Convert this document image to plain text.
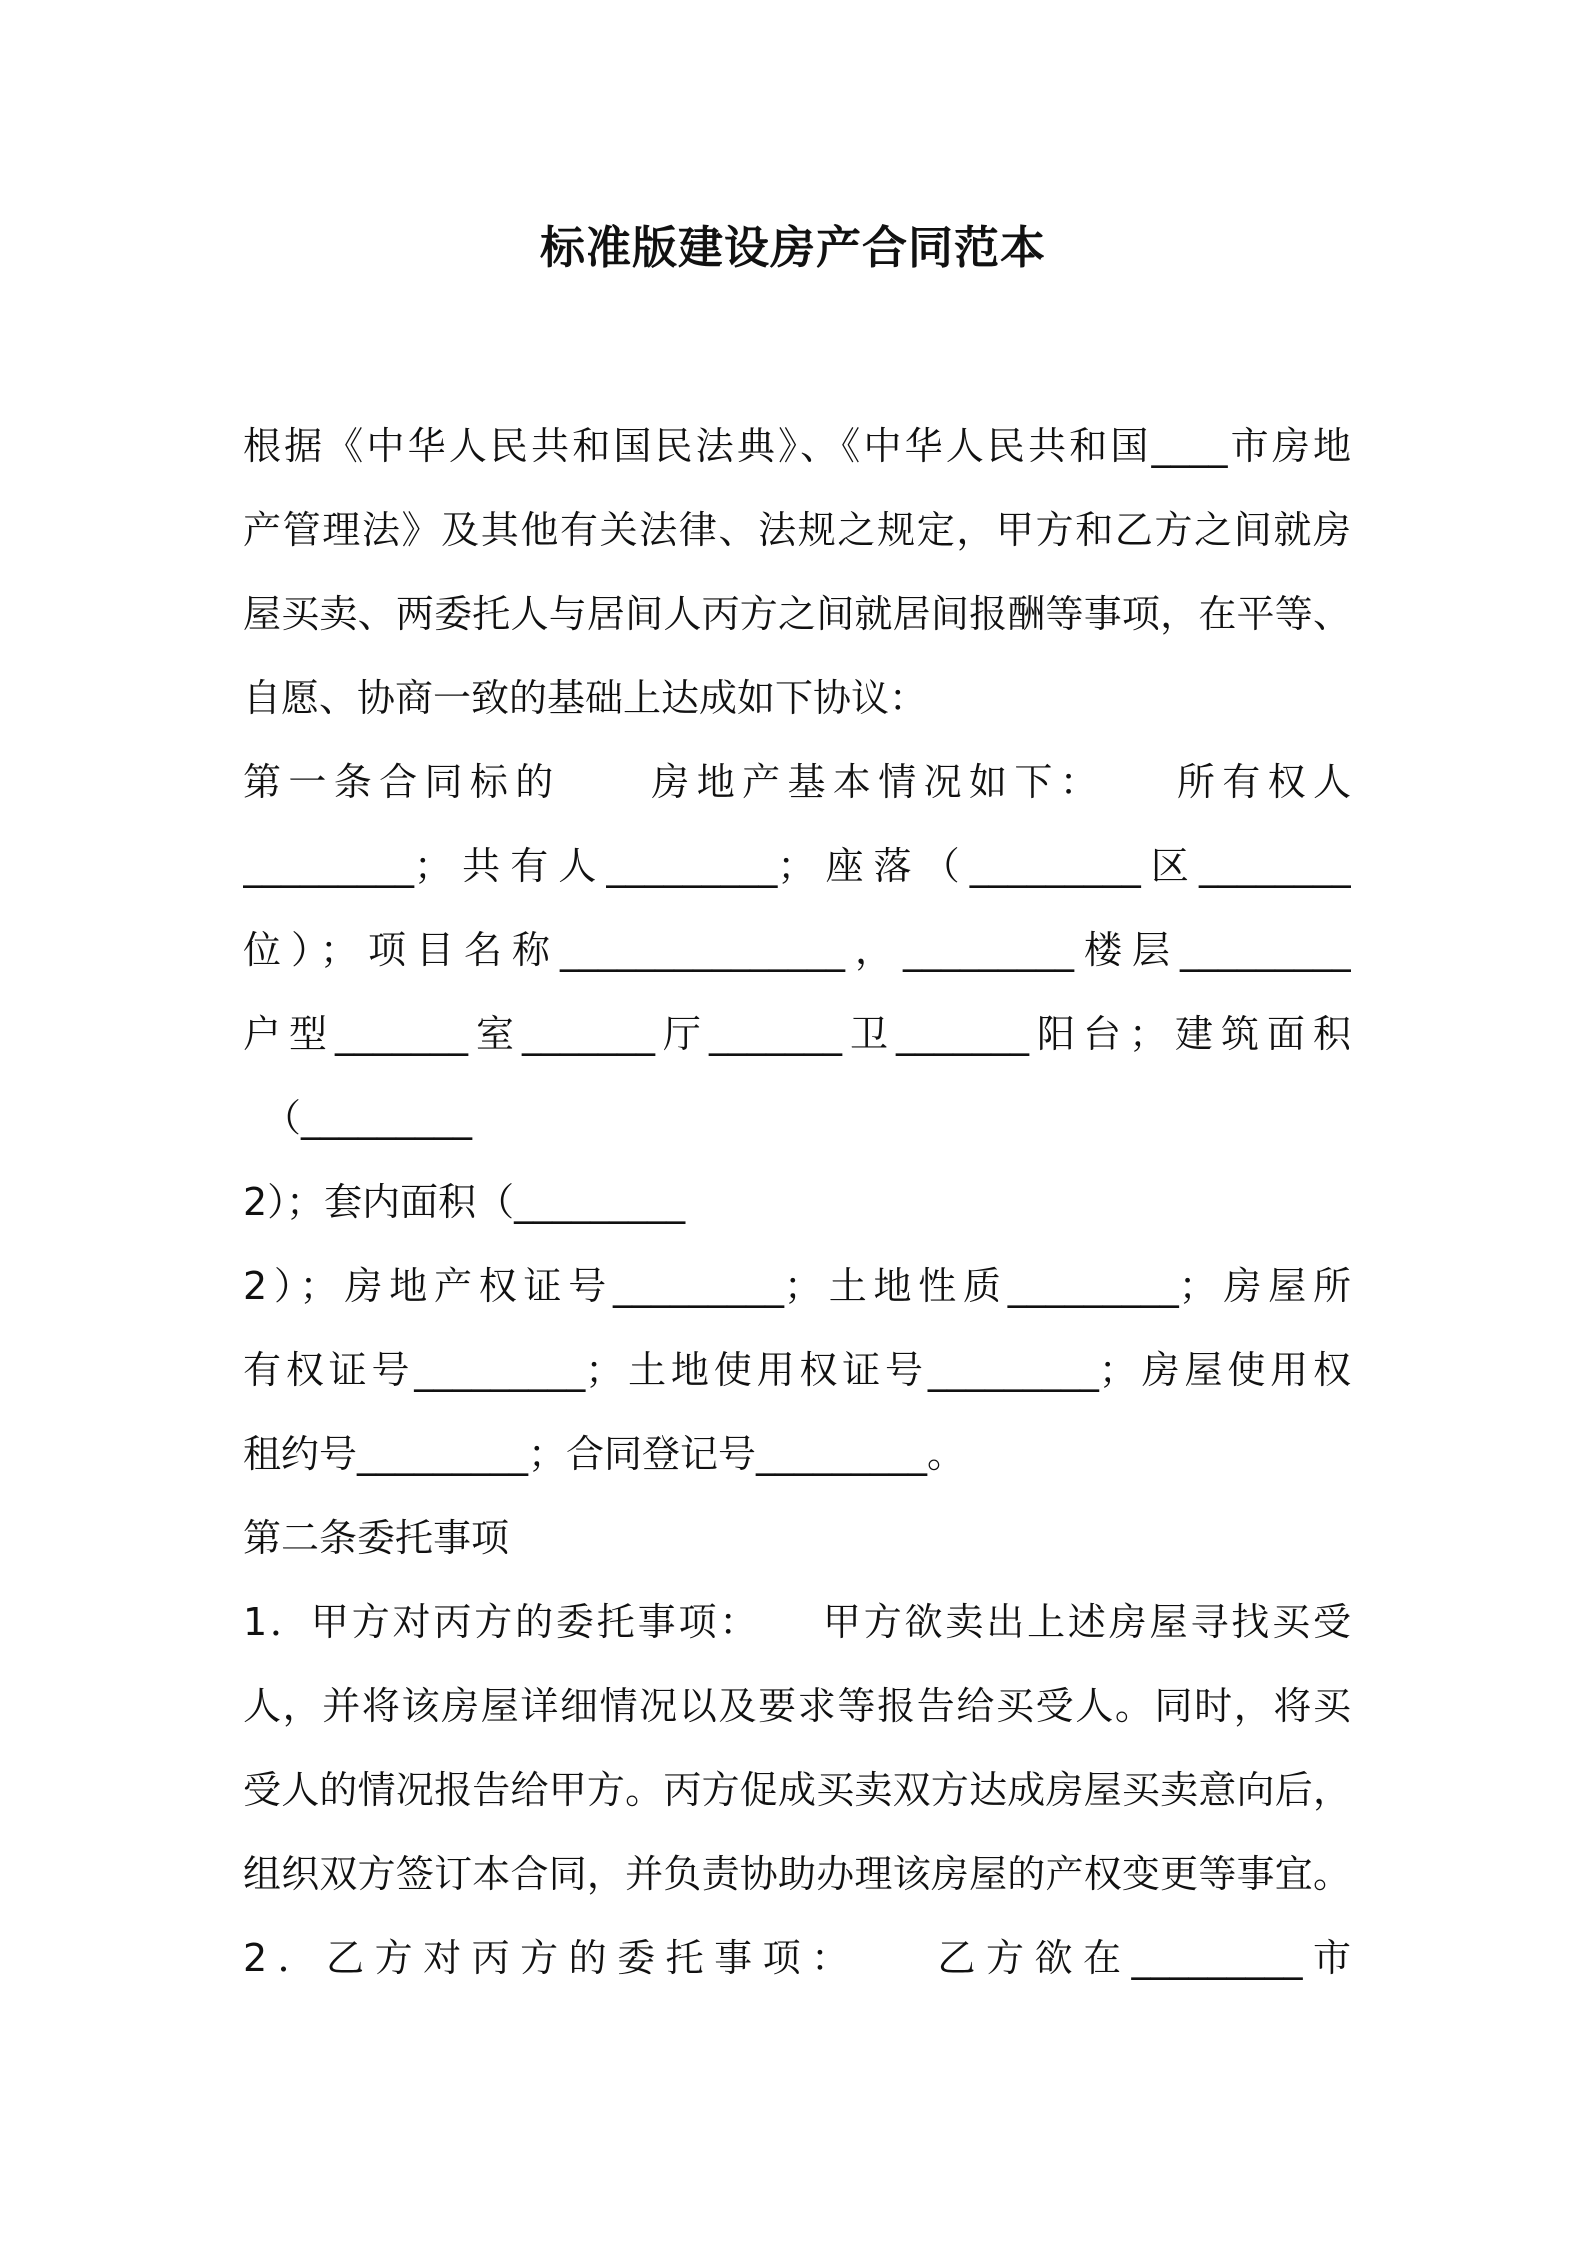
标准版建设房产合同范本
根据《中华人民共和国民法典》、《中华人民共和国____市房地
产管理法》及其他有关法律、法规之规定，甲方和乙方之间就房
屋买卖、两委托人与居间人丙方之间就居间报酬等事项，在平等、
自愿、协商一致的基础上达成如下协议：
第一条合同标的　　房地产基本情况如下：　　所有权人
_________；共有人_________；座落（_________区________
位）；项目名称_______________，_________楼层_________
户型_______室_______厅_______卫_______阳台；建筑面积
（_________
2）；套内面积（_________
2）；房地产权证号_________；土地性质_________；房屋所
有权证号_________；土地使用权证号_________；房屋使用权
租约号_________；合同登记号_________。
第二条委托事项
1．甲方对丙方的委托事项：　　甲方欲卖出上述房屋寻找买受
人，并将该房屋详细情况以及要求等报告给买受人。同时，将买
受人的情况报告给甲方。丙方促成买卖双方达成房屋买卖意向后，
组织双方签订本合同，并负责协助办理该房屋的产权变更等事宜。
2．乙方对丙方的委托事项：　　乙方欲在_________市
